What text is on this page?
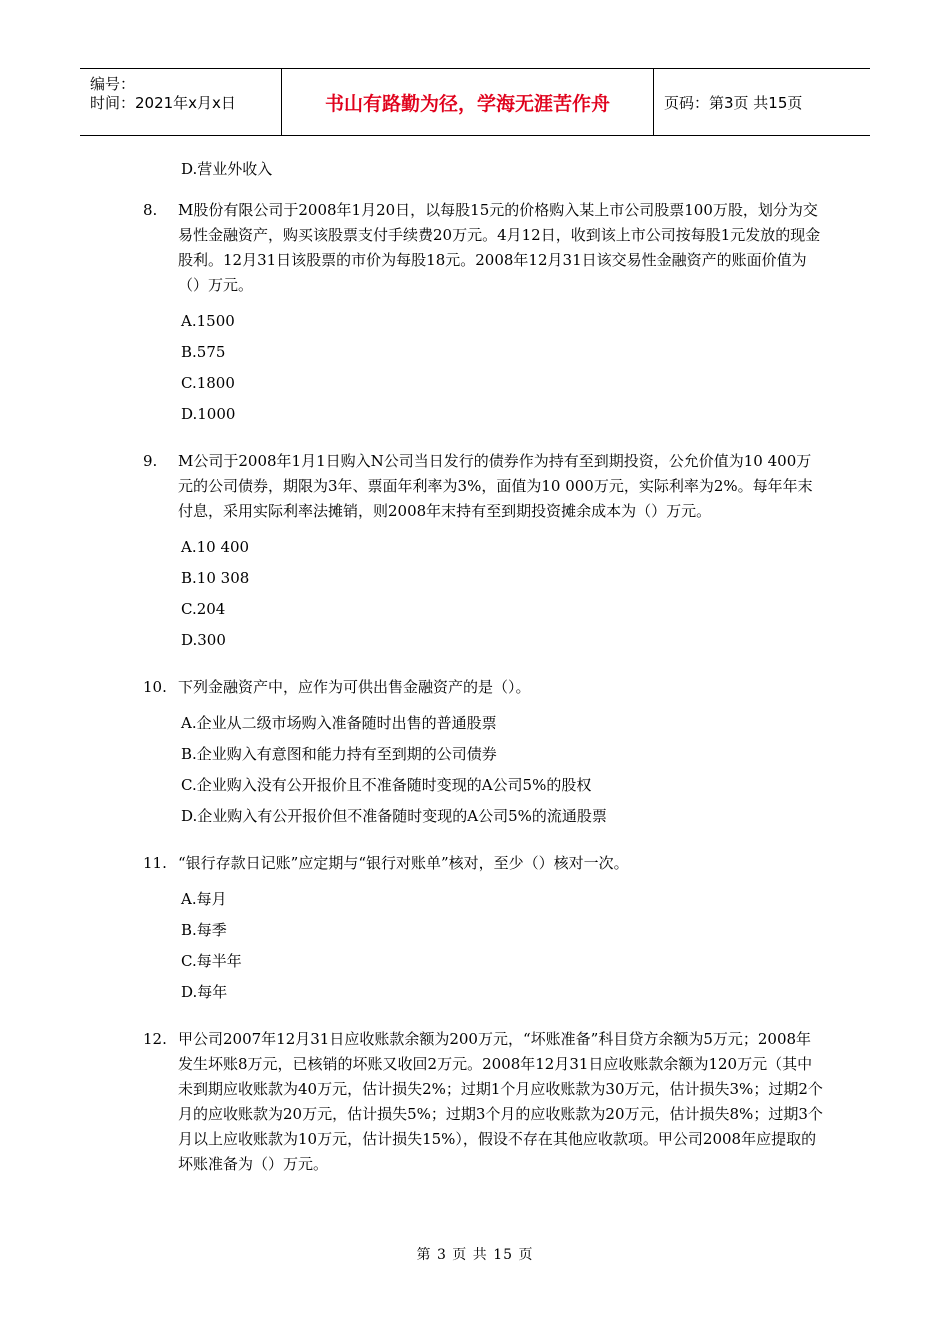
编号：
时间：2021年x月x日	书山有路勤为径，学海无涯苦作舟	页码：第3页 共15页
D.营业外收入
8.	M股份有限公司于2008年1月20日，以每股15元的价格购入某上市公司股票100万股，划分为交易性金融资产，购买该股票支付手续费20万元。4月12日，收到该上市公司按每股1元发放的现金股利。12月31日该股票的市价为每股18元。2008年12月31日该交易性金融资产的账面价值为（）万元。
A.1500
B.575
C.1800
D.1000
9.	M公司于2008年1月1日购入N公司当日发行的债券作为持有至到期投资，公允价值为10 400万元的公司债券，期限为3年、票面年利率为3%，面值为10 000万元，实际利率为2%。每年年末付息，采用实际利率法摊销，则2008年末持有至到期投资摊余成本为（）万元。
A.10 400
B.10 308
C.204
D.300
10. 下列金融资产中，应作为可供出售金融资产的是（）。
A.企业从二级市场购入准备随时出售的普通股票
B.企业购入有意图和能力持有至到期的公司债券
C.企业购入没有公开报价且不准备随时变现的A公司5%的股权
D.企业购入有公开报价但不准备随时变现的A公司5%的流通股票
11. “银行存款日记账”应定期与“银行对账单”核对，至少（）核对一次。
A.每月
B.每季
C.每半年
D.每年
12. 甲公司2007年12月31日应收账款余额为200万元，“坏账准备”科目贷方余额为5万元；2008年发生坏账8万元，已核销的坏账又收回2万元。2008年12月31日应收账款余额为120万元（其中未到期应收账款为40万元，估计损失2%；过期1个月应收账款为30万元，估计损失3%；过期2个月的应收账款为20万元，估计损失5%；过期3个月的应收账款为20万元，估计损失8%；过期3个月以上应收账款为10万元，估计损失15%），假设不存在其他应收款项。甲公司2008年应提取的坏账准备为（）万元。
第 3 页 共 15 页
